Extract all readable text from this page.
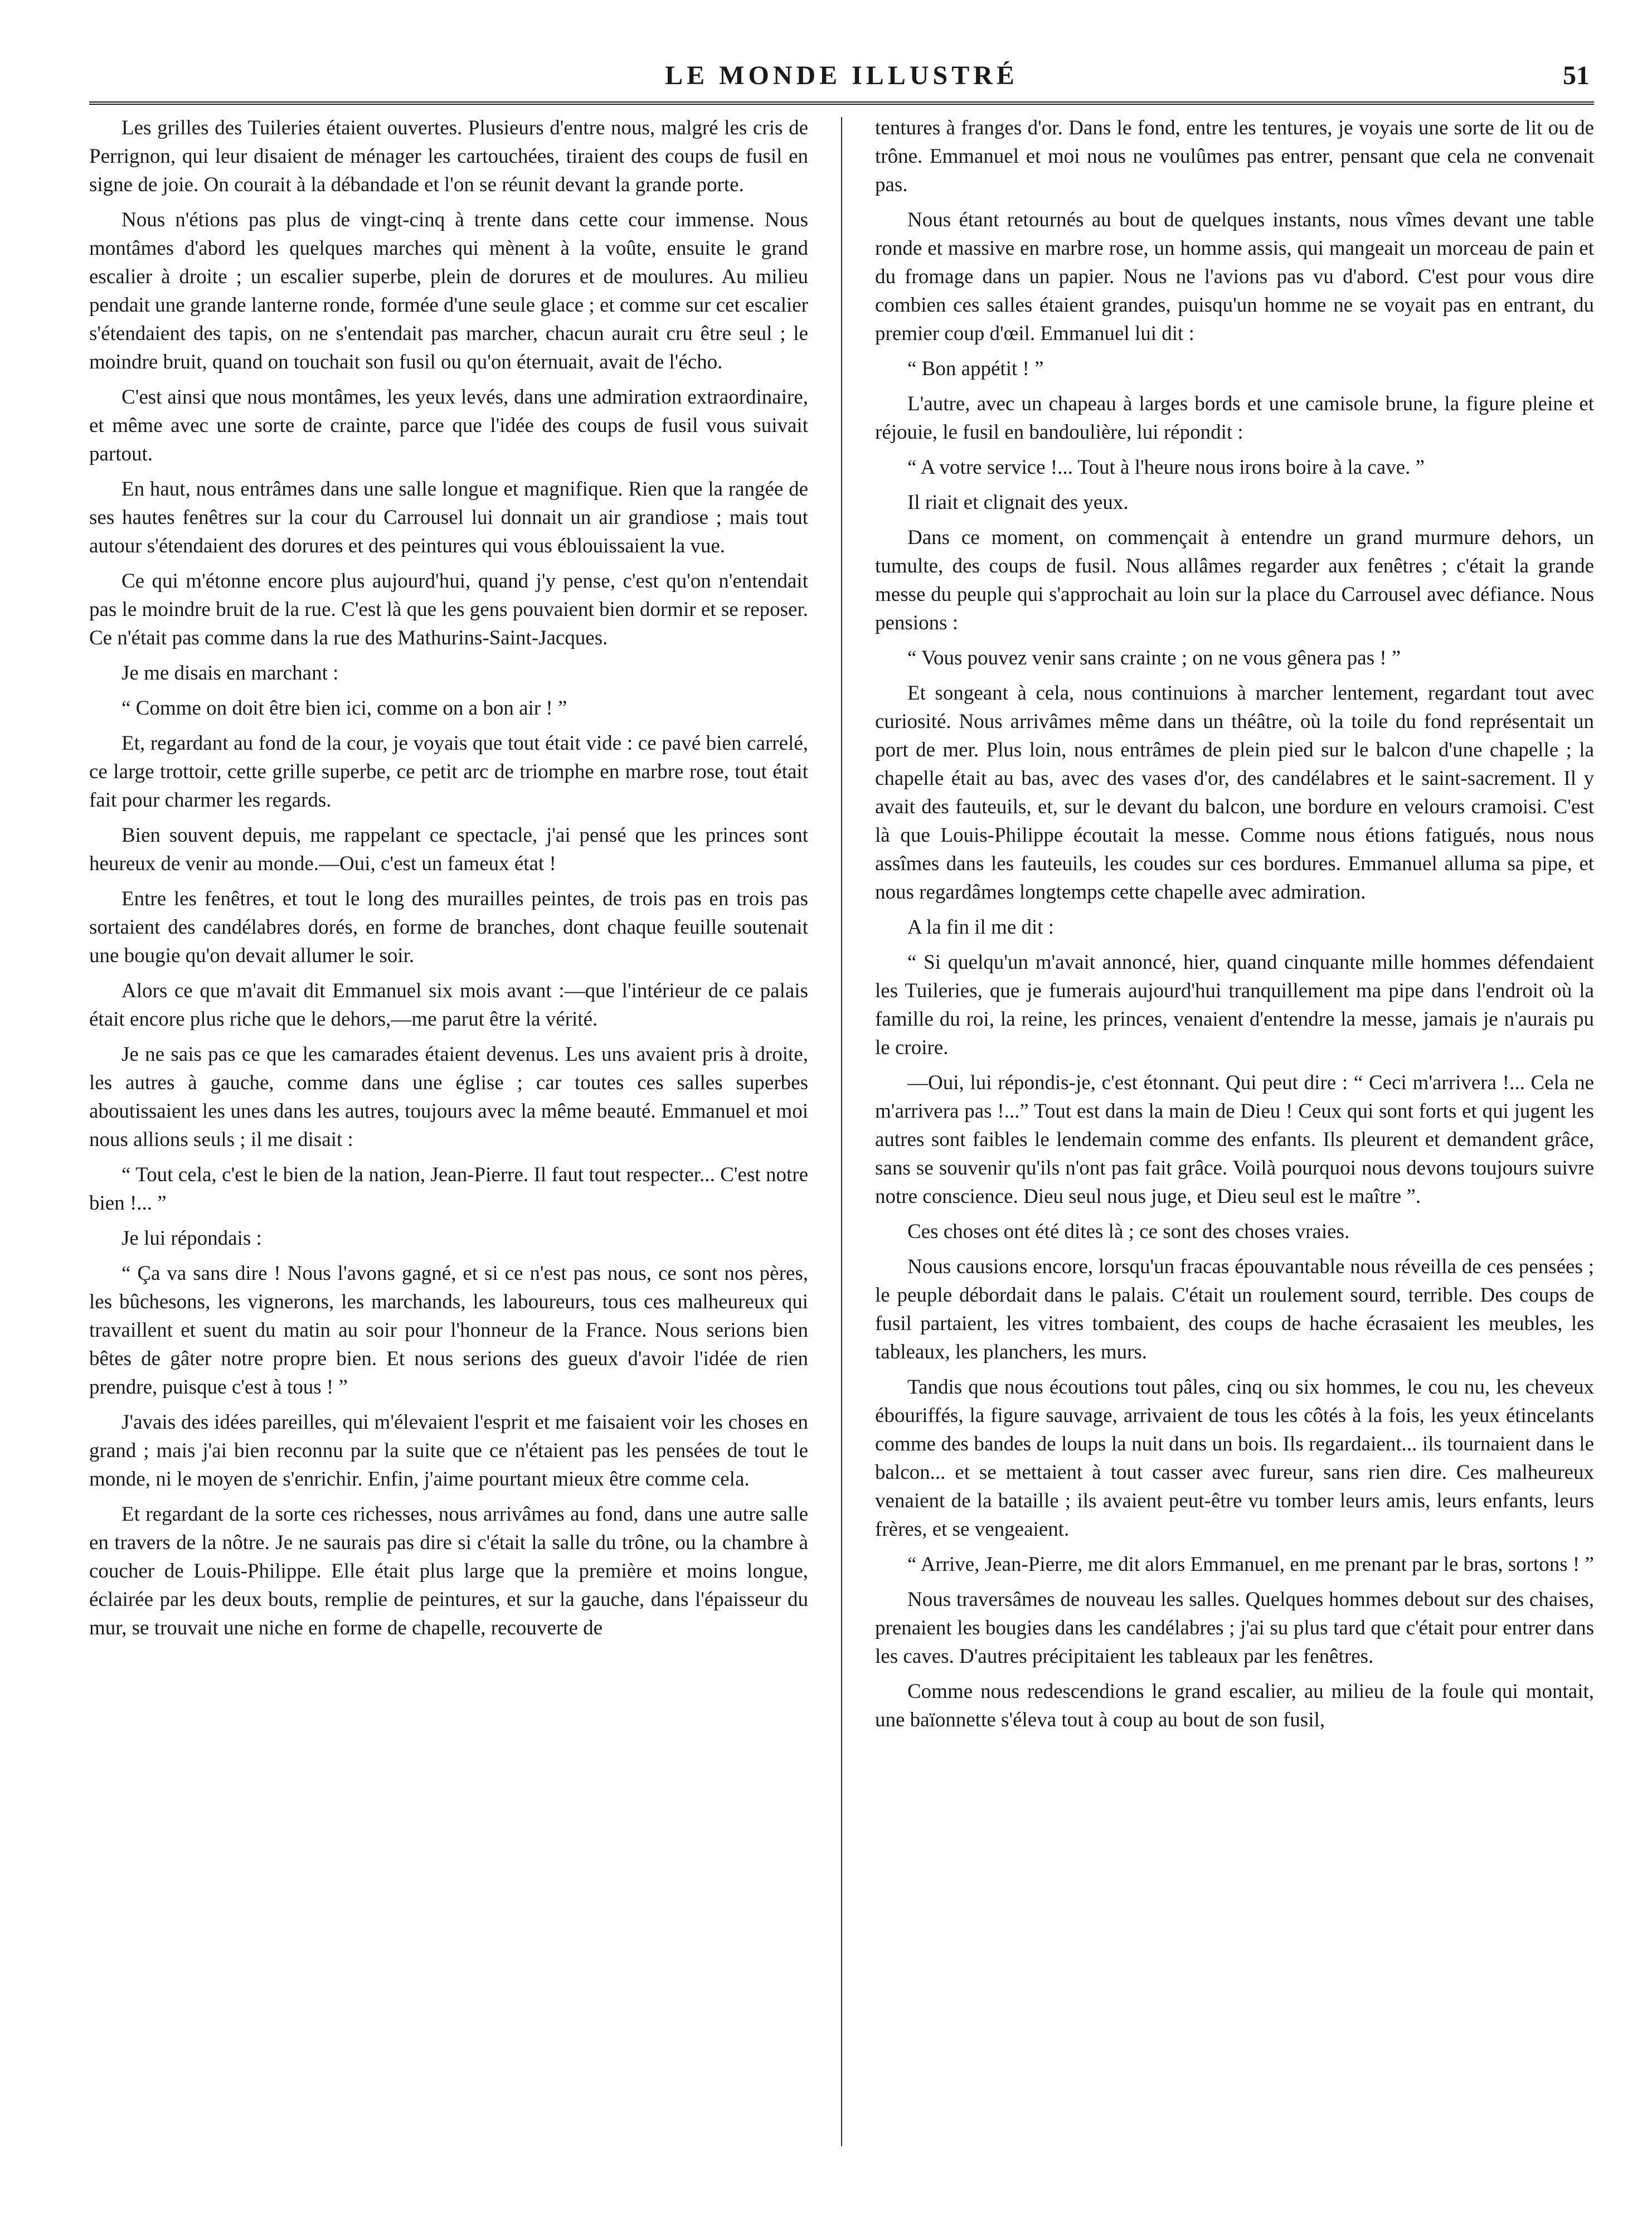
LE MONDE ILLUSTRÉ	51

Les grilles des Tuileries étaient ouvertes. Plusieurs d'entre nous, malgré les cris de Perrignon, qui leur disaient de ménager les cartouchées, tiraient des coups de fusil en signe de joie. On courait à la débandade et l'on se réunit devant la grande porte.

Nous n'étions pas plus de vingt-cinq à trente dans cette cour immense. Nous montâmes d'abord les quelques marches qui mènent à la voûte, ensuite le grand escalier à droite ; un escalier superbe, plein de dorures et de moulures. Au milieu pendait une grande lanterne ronde, formée d'une seule glace ; et comme sur cet escalier s'étendaient des tapis, on ne s'entendait pas marcher, chacun aurait cru être seul ; le moindre bruit, quand on touchait son fusil ou qu'on éternuait, avait de l'écho.

C'est ainsi que nous montâmes, les yeux levés, dans une admiration extraordinaire, et même avec une sorte de crainte, parce que l'idée des coups de fusil vous suivait partout.

En haut, nous entrâmes dans une salle longue et magnifique. Rien que la rangée de ses hautes fenêtres sur la cour du Carrousel lui donnait un air grandiose ; mais tout autour s'étendaient des dorures et des peintures qui vous éblouissaient la vue.

Ce qui m'étonne encore plus aujourd'hui, quand j'y pense, c'est qu'on n'entendait pas le moindre bruit de la rue. C'est là que les gens pouvaient bien dormir et se reposer. Ce n'était pas comme dans la rue des Mathurins-Saint-Jacques.

Je me disais en marchant :

“ Comme on doit être bien ici, comme on a bon air ! ”

Et, regardant au fond de la cour, je voyais que tout était vide : ce pavé bien carrelé, ce large trottoir, cette grille superbe, ce petit arc de triomphe en marbre rose, tout était fait pour charmer les regards.

Bien souvent depuis, me rappelant ce spectacle, j'ai pensé que les princes sont heureux de venir au monde.—Oui, c'est un fameux état !

Entre les fenêtres, et tout le long des murailles peintes, de trois pas en trois pas sortaient des candélabres dorés, en forme de branches, dont chaque feuille soutenait une bougie qu'on devait allumer le soir.

Alors ce que m'avait dit Emmanuel six mois avant :—que l'intérieur de ce palais était encore plus riche que le dehors,—me parut être la vérité.

Je ne sais pas ce que les camarades étaient devenus. Les uns avaient pris à droite, les autres à gauche, comme dans une église ; car toutes ces salles superbes aboutissaient les unes dans les autres, toujours avec la même beauté. Emmanuel et moi nous allions seuls ; il me disait :

“ Tout cela, c'est le bien de la nation, Jean-Pierre. Il faut tout respecter... C'est notre bien !... ”

Je lui répondais :

“ Ça va sans dire ! Nous l'avons gagné, et si ce n'est pas nous, ce sont nos pères, les bûchesons, les vignerons, les marchands, les laboureurs, tous ces malheureux qui travaillent et suent du matin au soir pour l'honneur de la France. Nous serions bien bêtes de gâter notre propre bien. Et nous serions des gueux d'avoir l'idée de rien prendre, puisque c'est à tous ! ”

J'avais des idées pareilles, qui m'élevaient l'esprit et me faisaient voir les choses en grand ; mais j'ai bien reconnu par la suite que ce n'étaient pas les pensées de tout le monde, ni le moyen de s'enrichir. Enfin, j'aime pourtant mieux être comme cela.

Et regardant de la sorte ces richesses, nous arrivâmes au fond, dans une autre salle en travers de la nôtre. Je ne saurais pas dire si c'était la salle du trône, ou la chambre à coucher de Louis-Philippe. Elle était plus large que la première et moins longue, éclairée par les deux bouts, remplie de peintures, et sur la gauche, dans l'épaisseur du mur, se trouvait une niche en forme de chapelle, recouverte de

tentures à franges d'or. Dans le fond, entre les tentures, je voyais une sorte de lit ou de trône. Emmanuel et moi nous ne voulûmes pas entrer, pensant que cela ne convenait pas.

Nous étant retournés au bout de quelques instants, nous vîmes devant une table ronde et massive en marbre rose, un homme assis, qui mangeait un morceau de pain et du fromage dans un papier. Nous ne l'avions pas vu d'abord. C'est pour vous dire combien ces salles étaient grandes, puisqu'un homme ne se voyait pas en entrant, du premier coup d'œil. Emmanuel lui dit :

“ Bon appétit ! ”

L'autre, avec un chapeau à larges bords et une camisole brune, la figure pleine et réjouie, le fusil en bandoulière, lui répondit :

“ A votre service !... Tout à l'heure nous irons boire à la cave. ”

Il riait et clignait des yeux.

Dans ce moment, on commençait à entendre un grand murmure dehors, un tumulte, des coups de fusil. Nous allâmes regarder aux fenêtres ; c'était la grande messe du peuple qui s'approchait au loin sur la place du Carrousel avec défiance. Nous pensions :

“ Vous pouvez venir sans crainte ; on ne vous gênera pas ! ”

Et songeant à cela, nous continuions à marcher lentement, regardant tout avec curiosité. Nous arrivâmes même dans un théâtre, où la toile du fond représentait un port de mer. Plus loin, nous entrâmes de plein pied sur le balcon d'une chapelle ; la chapelle était au bas, avec des vases d'or, des candélabres et le saint-sacrement. Il y avait des fauteuils, et, sur le devant du balcon, une bordure en velours cramoisi. C'est là que Louis-Philippe écoutait la messe. Comme nous étions fatigués, nous nous assîmes dans les fauteuils, les coudes sur ces bordures. Emmanuel alluma sa pipe, et nous regardâmes longtemps cette chapelle avec admiration.

A la fin il me dit :

“ Si quelqu'un m'avait annoncé, hier, quand cinquante mille hommes défendaient les Tuileries, que je fumerais aujourd'hui tranquillement ma pipe dans l'endroit où la famille du roi, la reine, les princes, venaient d'entendre la messe, jamais je n'aurais pu le croire.

—Oui, lui répondis-je, c'est étonnant. Qui peut dire : “ Ceci m'arrivera !... Cela ne m'arrivera pas !...” Tout est dans la main de Dieu ! Ceux qui sont forts et qui jugent les autres sont faibles le lendemain comme des enfants. Ils pleurent et demandent grâce, sans se souvenir qu'ils n'ont pas fait grâce. Voilà pourquoi nous devons toujours suivre notre conscience. Dieu seul nous juge, et Dieu seul est le maître ”.

Ces choses ont été dites là ; ce sont des choses vraies.

Nous causions encore, lorsqu'un fracas épouvantable nous réveilla de ces pensées ; le peuple débordait dans le palais. C'était un roulement sourd, terrible. Des coups de fusil partaient, les vitres tombaient, des coups de hache écrasaient les meubles, les tableaux, les planchers, les murs.

Tandis que nous écoutions tout pâles, cinq ou six hommes, le cou nu, les cheveux ébouriffés, la figure sauvage, arrivaient de tous les côtés à la fois, les yeux étincelants comme des bandes de loups la nuit dans un bois. Ils regardaient... ils tournaient dans le balcon... et se mettaient à tout casser avec fureur, sans rien dire. Ces malheureux venaient de la bataille ; ils avaient peut-être vu tomber leurs amis, leurs enfants, leurs frères, et se vengeaient.

“ Arrive, Jean-Pierre, me dit alors Emmanuel, en me prenant par le bras, sortons ! ”

Nous traversâmes de nouveau les salles. Quelques hommes debout sur des chaises, prenaient les bougies dans les candélabres ; j'ai su plus tard que c'était pour entrer dans les caves. D'autres précipitaient les tableaux par les fenêtres.

Comme nous redescendions le grand escalier, au milieu de la foule qui montait, une baïonnette s'éleva tout à coup au bout de son fusil,
